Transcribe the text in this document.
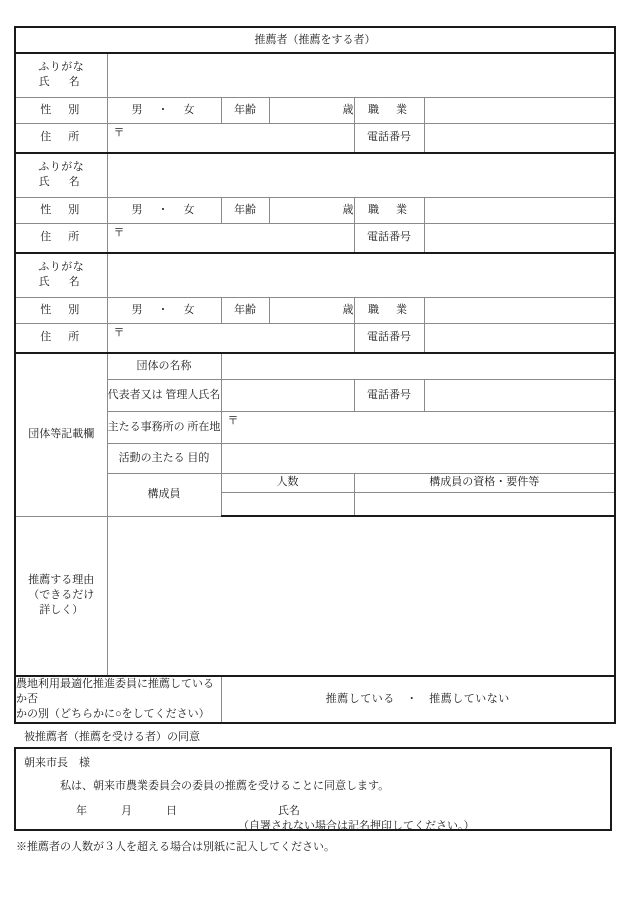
推薦者（推薦をする者）					

ふりがな
氏　名					

性　別	男　・　女	年齢	歳	職　業	
住　所	〒			電話番号	

ふりがな
氏　名					

性　別	男　・　女	年齢	歳	職　業	
住　所	〒			電話番号	

ふりがな
氏　名					

性　別	男　・　女	年齢	歳	職　業	
住　所	〒			電話番号	
団体等記載欄	団体の名称				
	代表者又は 管理人氏名			電話番号	
	主たる事務所の 所在地	〒			

	活動の主たる 目的				
	構成員	人数		構成員の資格・要件等	

推薦する理由
（できるだけ
詳しく）					

農地利用最適化推進委員に推薦しているか否
かの別（どちらかに○をしてください）		推薦している　・　推薦していない			
被推薦者（推薦を受ける者）の同意
朝来市長　様
私は、朝来市農業委員会の委員の推薦を受けることに同意します。
年	月	日	氏名
（自署されない場合は記名押印してください。）
※推薦者の人数が３人を超える場合は別紙に記入してください。
